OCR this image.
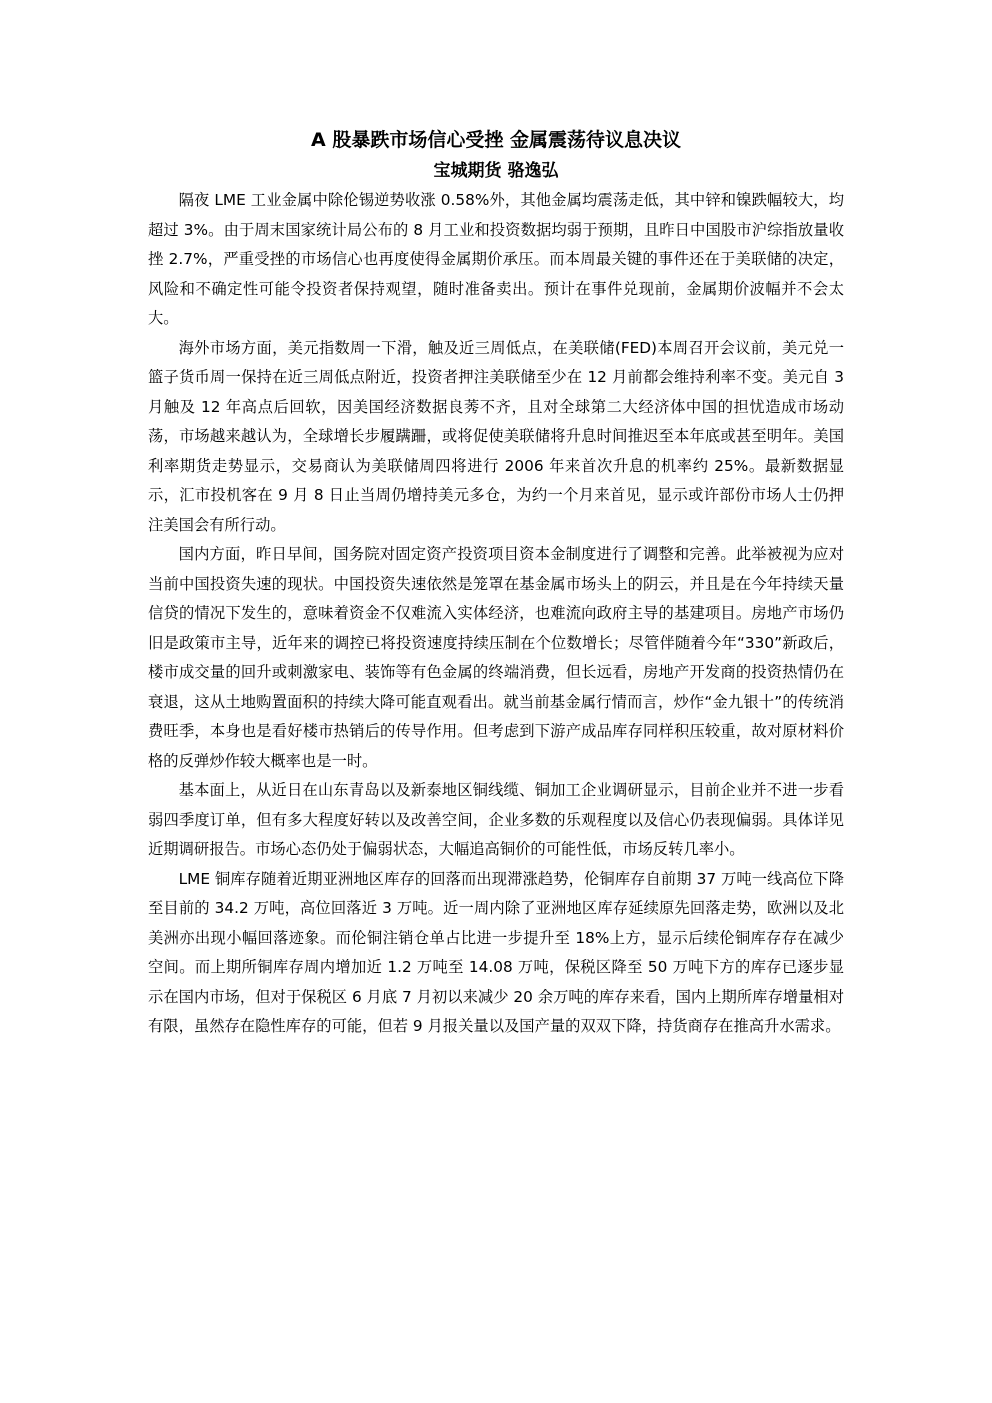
A 股暴跌市场信心受挫 金属震荡待议息决议
宝城期货 骆逸弘

隔夜 LME 工业金属中除伦锡逆势收涨 0.58%外，其他金属均震荡走低，其中锌和镍跌幅较大，均超过 3%。由于周末国家统计局公布的 8 月工业和投资数据均弱于预期，且昨日中国股市沪综指放量收挫 2.7%，严重受挫的市场信心也再度使得金属期价承压。而本周最关键的事件还在于美联储的决定，风险和不确定性可能令投资者保持观望，随时准备卖出。预计在事件兑现前，金属期价波幅并不会太大。

海外市场方面，美元指数周一下滑，触及近三周低点，在美联储(FED)本周召开会议前，美元兑一篮子货币周一保持在近三周低点附近，投资者押注美联储至少在 12 月前都会维持利率不变。美元自 3 月触及 12 年高点后回软，因美国经济数据良莠不齐，且对全球第二大经济体中国的担忧造成市场动荡，市场越来越认为，全球增长步履蹒跚，或将促使美联储将升息时间推迟至本年底或甚至明年。美国利率期货走势显示，交易商认为美联储周四将进行 2006 年来首次升息的机率约 25%。最新数据显示，汇市投机客在 9 月 8 日止当周仍增持美元多仓，为约一个月来首见，显示或许部份市场人士仍押注美国会有所行动。

国内方面，昨日早间，国务院对固定资产投资项目资本金制度进行了调整和完善。此举被视为应对当前中国投资失速的现状。中国投资失速依然是笼罩在基金属市场头上的阴云，并且是在今年持续天量信贷的情况下发生的，意味着资金不仅难流入实体经济，也难流向政府主导的基建项目。房地产市场仍旧是政策市主导，近年来的调控已将投资速度持续压制在个位数增长；尽管伴随着今年“330”新政后，楼市成交量的回升或刺激家电、装饰等有色金属的终端消费，但长远看，房地产开发商的投资热情仍在衰退，这从土地购置面积的持续大降可能直观看出。就当前基金属行情而言，炒作“金九银十”的传统消费旺季，本身也是看好楼市热销后的传导作用。但考虑到下游产成品库存同样积压较重，故对原材料价格的反弹炒作较大概率也是一时。

基本面上，从近日在山东青岛以及新泰地区铜线缆、铜加工企业调研显示，目前企业并不进一步看弱四季度订单，但有多大程度好转以及改善空间，企业多数的乐观程度以及信心仍表现偏弱。具体详见近期调研报告。市场心态仍处于偏弱状态，大幅追高铜价的可能性低，市场反转几率小。

LME 铜库存随着近期亚洲地区库存的回落而出现滞涨趋势，伦铜库存自前期 37 万吨一线高位下降至目前的 34.2 万吨，高位回落近 3 万吨。近一周内除了亚洲地区库存延续原先回落走势，欧洲以及北美洲亦出现小幅回落迹象。而伦铜注销仓单占比进一步提升至 18%上方，显示后续伦铜库存存在减少空间。而上期所铜库存周内增加近 1.2 万吨至 14.08 万吨，保税区降至 50 万吨下方的库存已逐步显示在国内市场，但对于保税区 6 月底 7 月初以来减少 20 余万吨的库存来看，国内上期所库存增量相对有限，虽然存在隐性库存的可能，但若 9 月报关量以及国产量的双双下降，持货商存在推高升水需求。
